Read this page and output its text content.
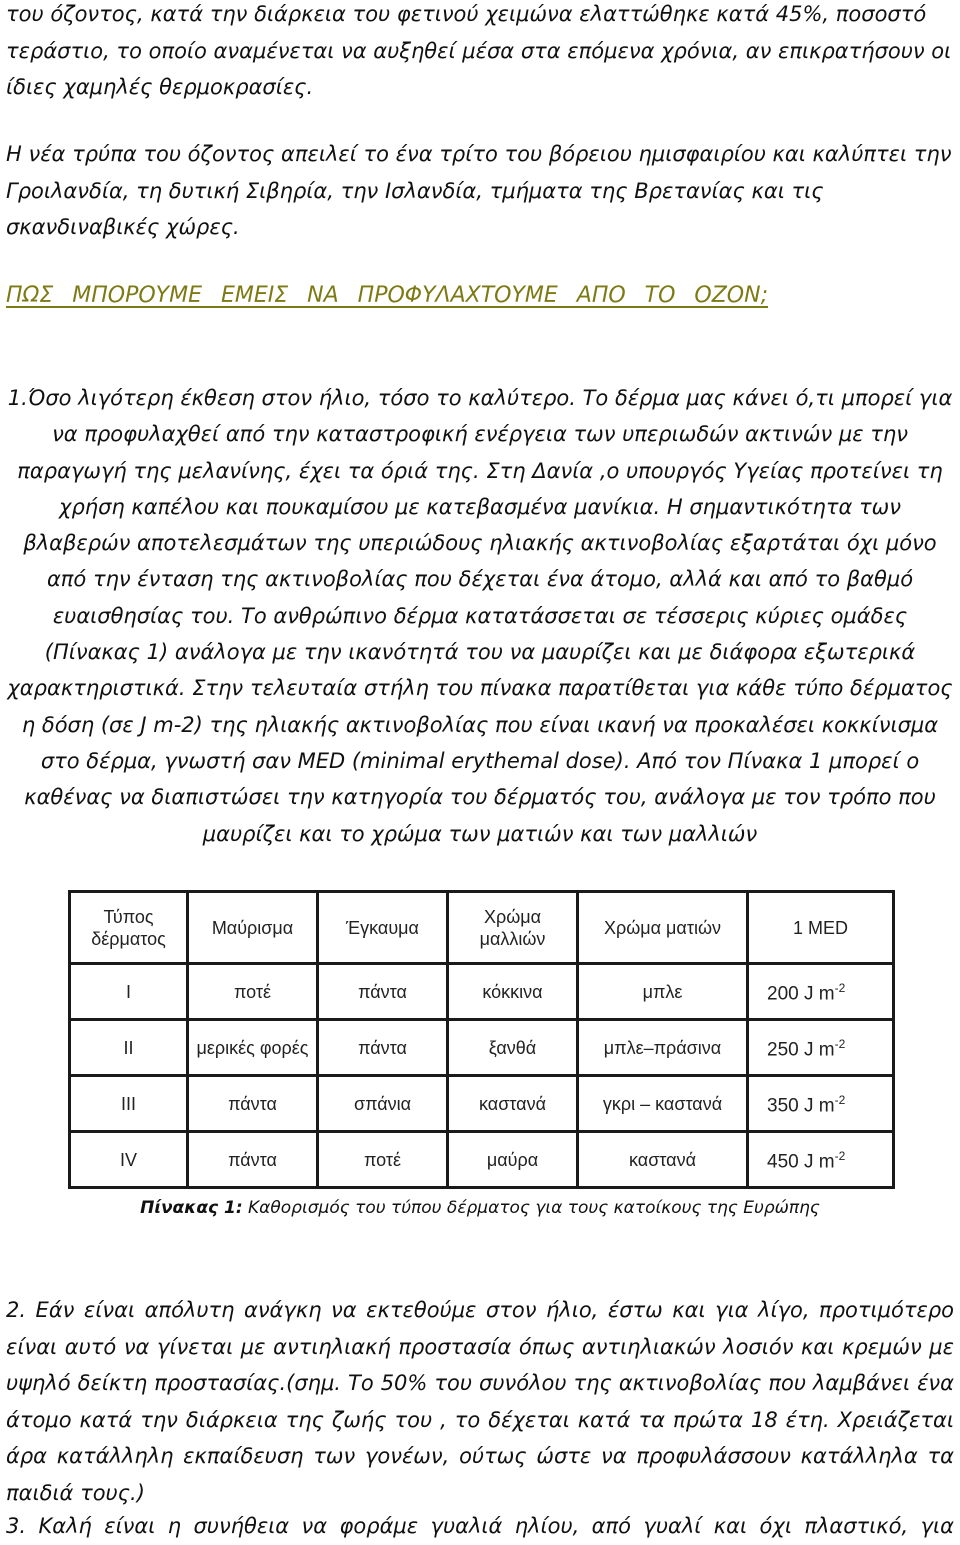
του όζοντος, κατά την διάρκεια του φετινού χειμώνα ελαττώθηκε κατά 45%, ποσοστό τεράστιο, το οποίο αναμένεται να αυξηθεί μέσα στα επόμενα χρόνια, αν επικρατήσουν οι ίδιες χαμηλές θερμοκρασίες.

Η νέα τρύπα του όζοντος απειλεί το ένα τρίτο του βόρειου ημισφαιρίου και καλύπτει την Γροιλανδία, τη δυτική Σιβηρία, την Ισλανδία, τμήματα της Βρετανίας και τις σκανδιναβικές χώρες.

ΠΩΣ ΜΠΟΡΟΥΜΕ ΕΜΕΙΣ ΝΑ ΠΡΟΦΥΛΑΧΤΟΥΜΕ ΑΠΟ ΤΟ ΟΖΟΝ;

1.Όσο λιγότερη έκθεση στον ήλιο, τόσο το καλύτερο. Το δέρμα μας κάνει ό,τι μπορεί για να προφυλαχθεί από την καταστροφική ενέργεια των υπεριωδών ακτινών με την παραγωγή της μελανίνης, έχει τα όριά της. Στη Δανία ,ο υπουργός Υγείας προτείνει τη χρήση καπέλου και πουκαμίσου με κατεβασμένα μανίκια. Η σημαντικότητα των βλαβερών αποτελεσμάτων της υπεριώδους ηλιακής ακτινοβολίας εξαρτάται όχι μόνο από την ένταση της ακτινοβολίας που δέχεται ένα άτομο, αλλά και από το βαθμό ευαισθησίας του. Το ανθρώπινο δέρμα κατατάσσεται σε τέσσερις κύριες ομάδες (Πίνακας 1) ανάλογα με την ικανότητά του να μαυρίζει και με διάφορα εξωτερικά χαρακτηριστικά. Στην τελευταία στήλη του πίνακα παρατίθεται για κάθε τύπο δέρματος η δόση (σε J m-2) της ηλιακής ακτινοβολίας που είναι ικανή να προκαλέσει κοκκίνισμα στο δέρμα, γνωστή σαν MED (minimal erythemal dose). Από τον Πίνακα 1 μπορεί ο καθένας να διαπιστώσει την κατηγορία του δέρματός του, ανάλογα με τον τρόπο που μαυρίζει και το χρώμα των ματιών και των μαλλιών

Τύπος δέρματος	Μαύρισμα	Έγκαυμα	Χρώμα μαλλιών	Χρώμα ματιών	1 MED
I	ποτέ	πάντα	κόκκινα	μπλε	200 J $m^{-2}$
II	μερικές φορές	πάντα	ξανθά	μπλε–πράσινα	250 J $m^{-2}$
III	πάντα	σπάνια	καστανά	γκρι – καστανά	350 J $m^{-2}$
IV	πάντα	ποτέ	μαύρα	καστανά	450 J $m^{-2}$

Πίνακας 1: Καθορισμός του τύπου δέρματος για τους κατοίκους της Ευρώπης

2. Εάν είναι απόλυτη ανάγκη να εκτεθούμε στον ήλιο, έστω και για λίγο, προτιμότερο είναι αυτό να γίνεται με αντιηλιακή προστασία όπως αντιηλιακών λοσιόν και κρεμών με υψηλό δείκτη προστασίας.(σημ. Το 50% του συνόλου της ακτινοβολίας που λαμβάνει ένα άτομο κατά την διάρκεια της ζωής του , το δέχεται κατά τα πρώτα 18 έτη. Χρειάζεται άρα κατάλληλη εκπαίδευση των γονέων, ούτως ώστε να προφυλάσσουν κατάλληλα τα παιδιά τους.)

3. Καλή είναι η συνήθεια να φοράμε γυαλιά ηλίου, από γυαλί και όχι πλαστικό, για
